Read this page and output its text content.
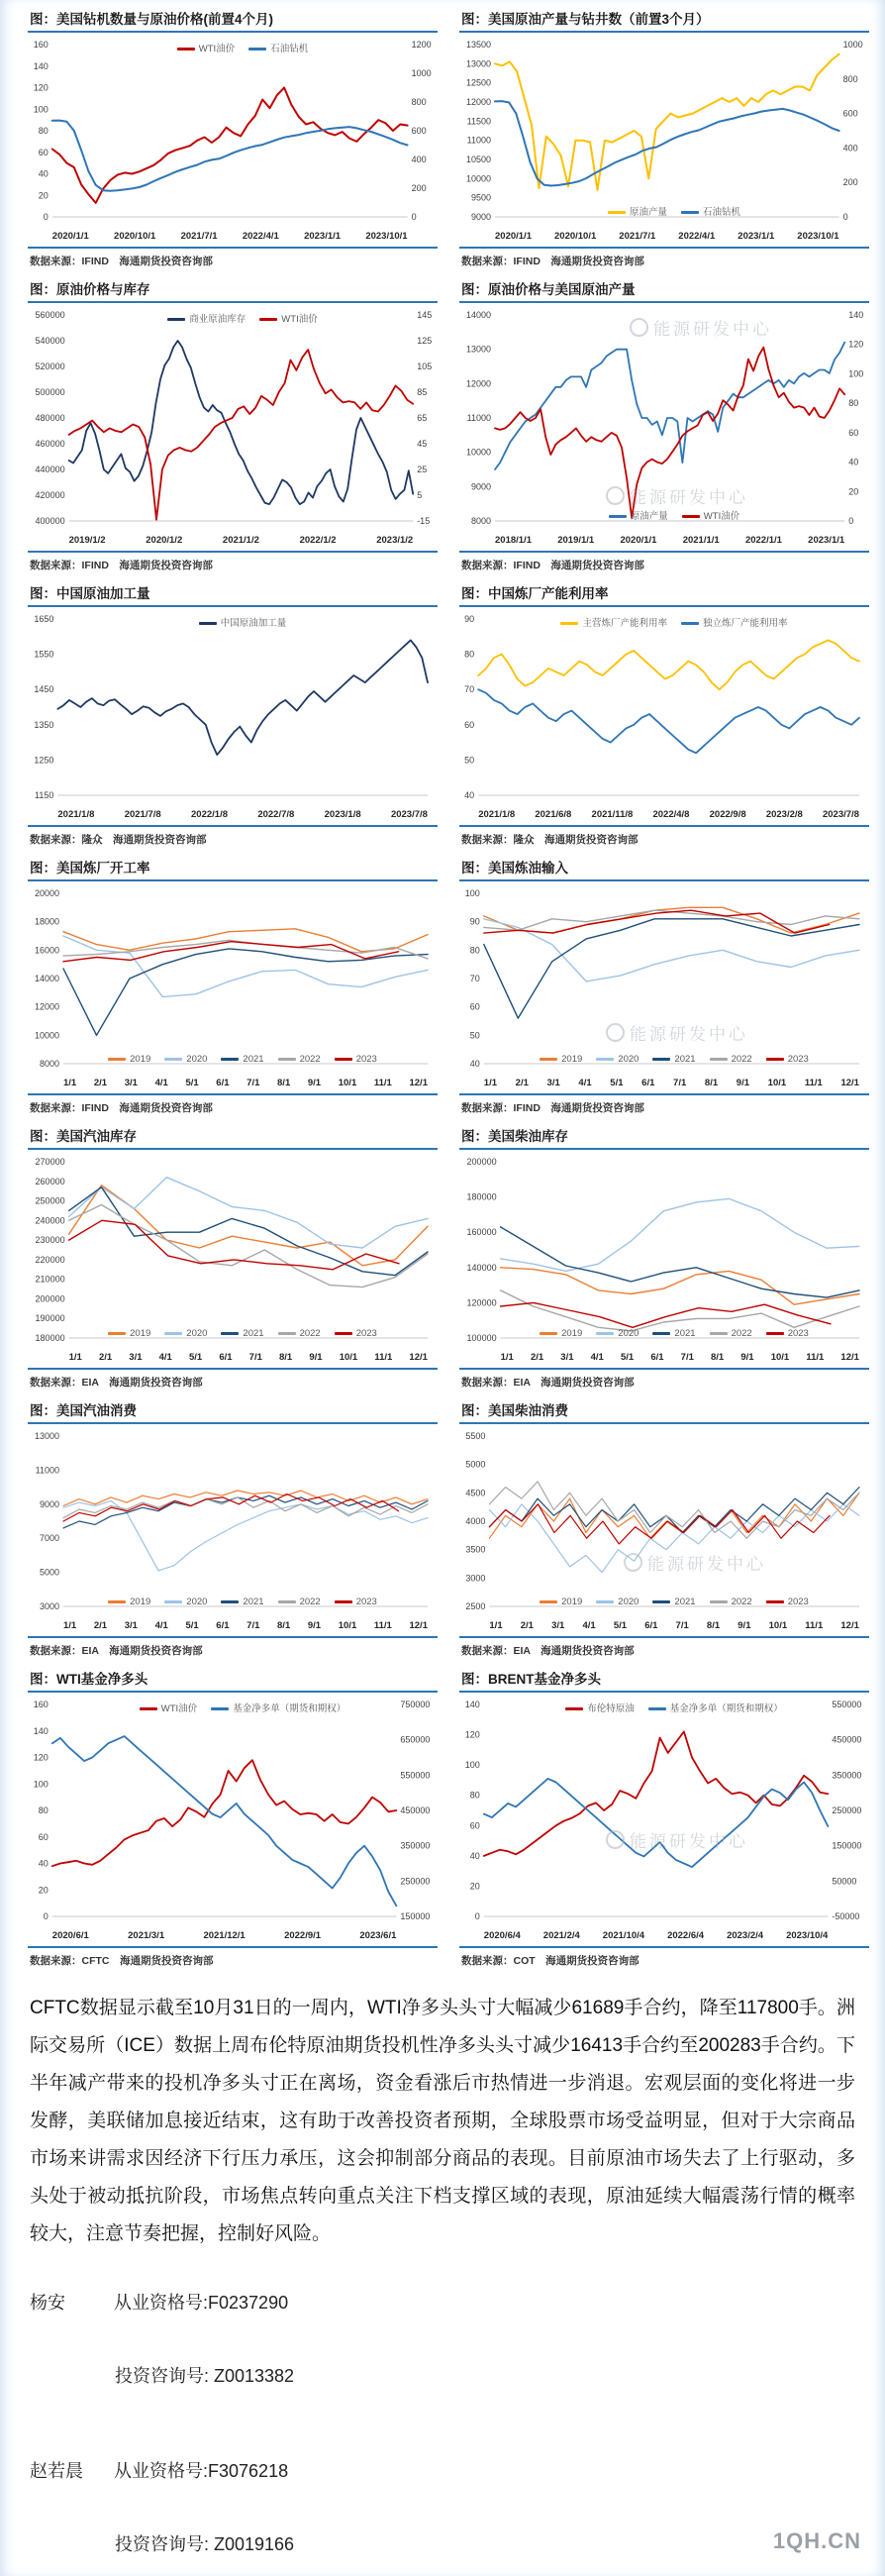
图：美国钻机数量与原油价格(前置4个月)
WTI油价	石油钻机
160
140
120
100
80
60
40
20
0
1200
1000
800
600
400
200
0
2020/1/1	2020/10/1	2021/7/1	2022/4/1	2023/1/1	2023/10/1
数据来源：IFIND　海通期货投资咨询部
图：美国原油产量与钻井数（前置3个月）
原油产量	石油钻机
13500
13000
12500
12000
11500
11000
10500
10000
9500
9000
1000
800
600
400
200
0
2020/1/1 2020/10/1 2021/7/1 2022/4/1 2023/1/1 2023/10/1
数据来源：IFIND　海通期货投资咨询部
图：原油价格与库存
商业原油库存	WTI油价
560000
540000
520000
500000
480000
460000
440000
420000
400000
145
125
105
85
65
45
25
5
-15
2019/1/2	2020/1/2	2021/1/2	2022/1/2	2023/1/2
数据来源：IFIND　海通期货投资咨询部
图：原油价格与美国原油产量
原油产量	WTI油价
14000
13000
12000
11000
10000
9000
8000
140
120
100
80
60
40
20
0
2018/1/1	2019/1/1	2020/1/1	2021/1/1	2022/1/1	2023/1/1
数据来源：IFIND　海通期货投资咨询部
图：中国原油加工量
中国原油加工量
1650
1550
1450
1350
1250
1150
2021/1/8	2021/7/8	2022/1/8	2022/7/8	2023/1/8	2023/7/8
数据来源：隆众　海通期货投资咨询部
图：中国炼厂产能利用率
主营炼厂产能利用率	独立炼厂产能利用率
90
80
70
60
50
40
2021/1/8 2021/6/8 2021/11/8 2022/4/8 2022/9/8 2023/2/8 2023/7/8
数据来源：隆众　海通期货投资咨询部
图：美国炼厂开工率
2019	2020	2021	2022	2023
20000
18000
16000
14000
12000
10000
8000
1/1 2/1 3/1 4/1 5/1 6/1 7/1 8/1 9/1 10/1 11/1 12/1
数据来源：IFIND　海通期货投资咨询部
图：美国炼油输入
2019	2020	2021	2022	2023
100
90
80
70
60
50
40
1/1 2/1 3/1 4/1 5/1 6/1 7/1 8/1 9/1 10/1 11/1 12/1
数据来源：IFIND　海通期货投资咨询部
图：美国汽油库存
2019	2020	2021	2022	2023
270000
260000
250000
240000
230000
220000
210000
200000
190000
180000
1/1 2/1 3/1 4/1 5/1 6/1 7/1 8/1 9/1 10/1 11/1 12/1
数据来源：EIA　海通期货投资咨询部
图：美国柴油库存
2019	2020	2021	2022	2023
200000
180000
160000
140000
120000
100000
1/1 2/1 3/1 4/1 5/1 6/1 7/1 8/1 9/1 10/1 11/1 12/1
数据来源：EIA　海通期货投资咨询部
图：美国汽油消费
2019	2020	2021	2022	2023
13000
11000
9000
7000
5000
3000
1/1 2/1 3/1 4/1 5/1 6/1 7/1 8/1 9/1 10/1 11/1 12/1
数据来源：EIA　海通期货投资咨询部
图：美国柴油消费
2019	2020	2021	2022	2023
5500
5000
4500
4000
3500
3000
2500
1/1 2/1 3/1 4/1 5/1 6/1 7/1 8/1 9/1 10/1 11/1 12/1
数据来源：EIA　海通期货投资咨询部
图：WTI基金净多头
WTI油价	基金净多单（期货和期权）
160
140
120
100
80
60
40
20
0
750000
650000
550000
450000
350000
250000
150000
2020/6/1	2021/3/1	2021/12/1	2022/9/1	2023/6/1
数据来源：CFTC　海通期货投资咨询部
图：BRENT基金净多头
布伦特原油	基金净多单（期货和期权）
140
120
100
80
60
40
20
0
550000
450000
350000
250000
150000
50000
-50000
2020/6/4 2021/2/4 2021/10/4 2022/6/4 2023/2/4 2023/10/4
数据来源：COT　海通期货投资咨询部
CFTC数据显示截至10月31日的一周内，WTI净多头头寸大幅减少61689手合约，降至117800手。洲际交易所（ICE）数据上周布伦特原油期货投机性净多头头寸减少16413手合约至200283手合约。下半年减产带来的投机净多头寸正在离场，资金看涨后市热情进一步消退。宏观层面的变化将进一步发酵，美联储加息接近结束，这有助于改善投资者预期，全球股票市场受益明显，但对于大宗商品市场来讲需求因经济下行压力承压，这会抑制部分商品的表现。目前原油市场失去了上行驱动，多头处于被动抵抗阶段，市场焦点转向重点关注下档支撑区域的表现，原油延续大幅震荡行情的概率较大，注意节奏把握，控制好风险。
杨安	从业资格号:F0237290
投资咨询号: Z0013382
赵若晨 从业资格号:F3076218
投资咨询号: Z0019166
能源研发中心
能源研发中心
能源研发中心
能源研发中心
能源研发中心
1QH.CN
